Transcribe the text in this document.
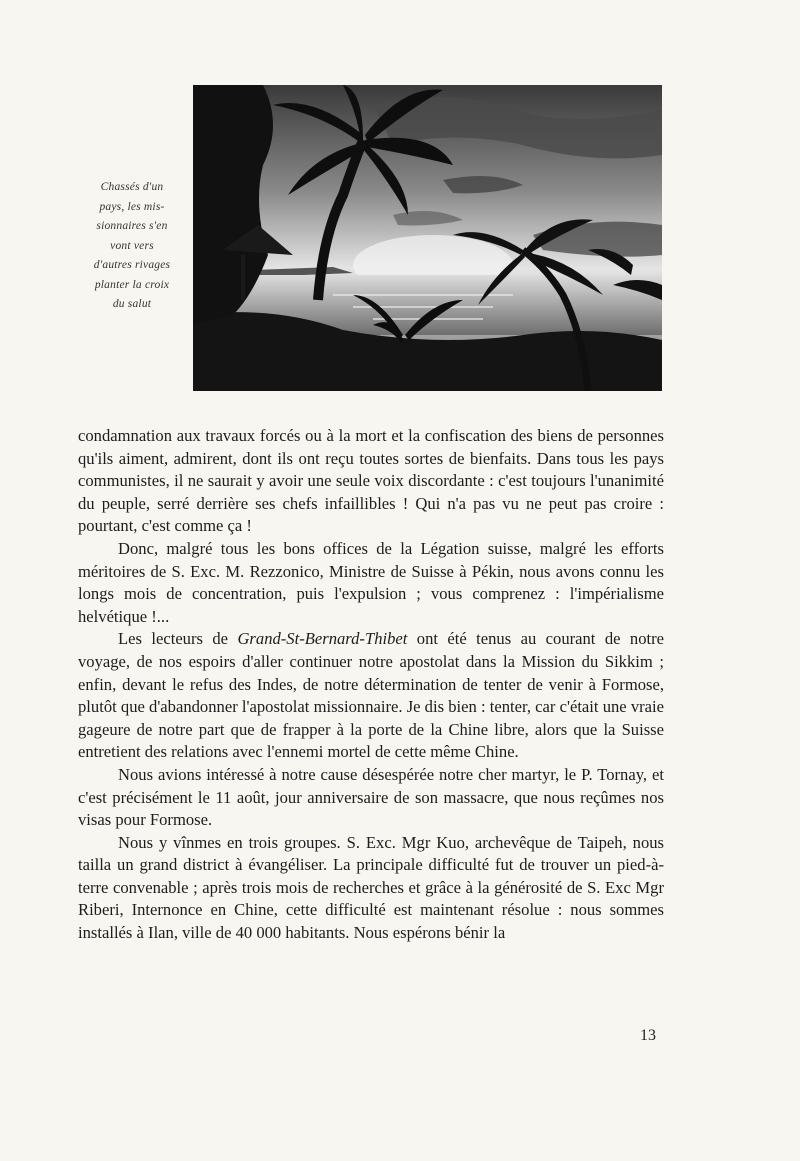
Chassés d'un
pays, les mis-
sionnaires s'en
vont vers
d'autres rivages
planter la croix
du salut

condamnation aux travaux forcés ou à la mort et la confiscation des biens de personnes qu'ils aiment, admirent, dont ils ont reçu toutes sortes de bienfaits. Dans tous les pays communistes, il ne saurait y avoir une seule voix discordante : c'est toujours l'unanimité du peuple, serré derrière ses chefs infaillibles ! Qui n'a pas vu ne peut pas croire : pourtant, c'est comme ça !

Donc, malgré tous les bons offices de la Légation suisse, malgré les efforts méritoires de S. Exc. M. Rezzonico, Ministre de Suisse à Pékin, nous avons connu les longs mois de concentration, puis l'expulsion ; vous comprenez : l'impérialisme helvétique !...

Les lecteurs de Grand-St-Bernard-Thibet ont été tenus au courant de notre voyage, de nos espoirs d'aller continuer notre apostolat dans la Mission du Sikkim ; enfin, devant le refus des Indes, de notre détermination de tenter de venir à Formose, plutôt que d'abandonner l'apostolat missionnaire. Je dis bien : tenter, car c'était une vraie gageure de notre part que de frapper à la porte de la Chine libre, alors que la Suisse entretient des relations avec l'ennemi mortel de cette même Chine.

Nous avions intéressé à notre cause désespérée notre cher martyr, le P. Tornay, et c'est précisément le 11 août, jour anniversaire de son massacre, que nous reçûmes nos visas pour Formose.

Nous y vînmes en trois groupes. S. Exc. Mgr Kuo, archevêque de Taipeh, nous tailla un grand district à évangéliser. La principale difficulté fut de trouver un pied-à-terre convenable ; après trois mois de recherches et grâce à la générosité de S. Exc Mgr Riberi, Internonce en Chine, cette difficulté est maintenant résolue : nous sommes installés à Ilan, ville de 40 000 habitants. Nous espérons bénir la

13
